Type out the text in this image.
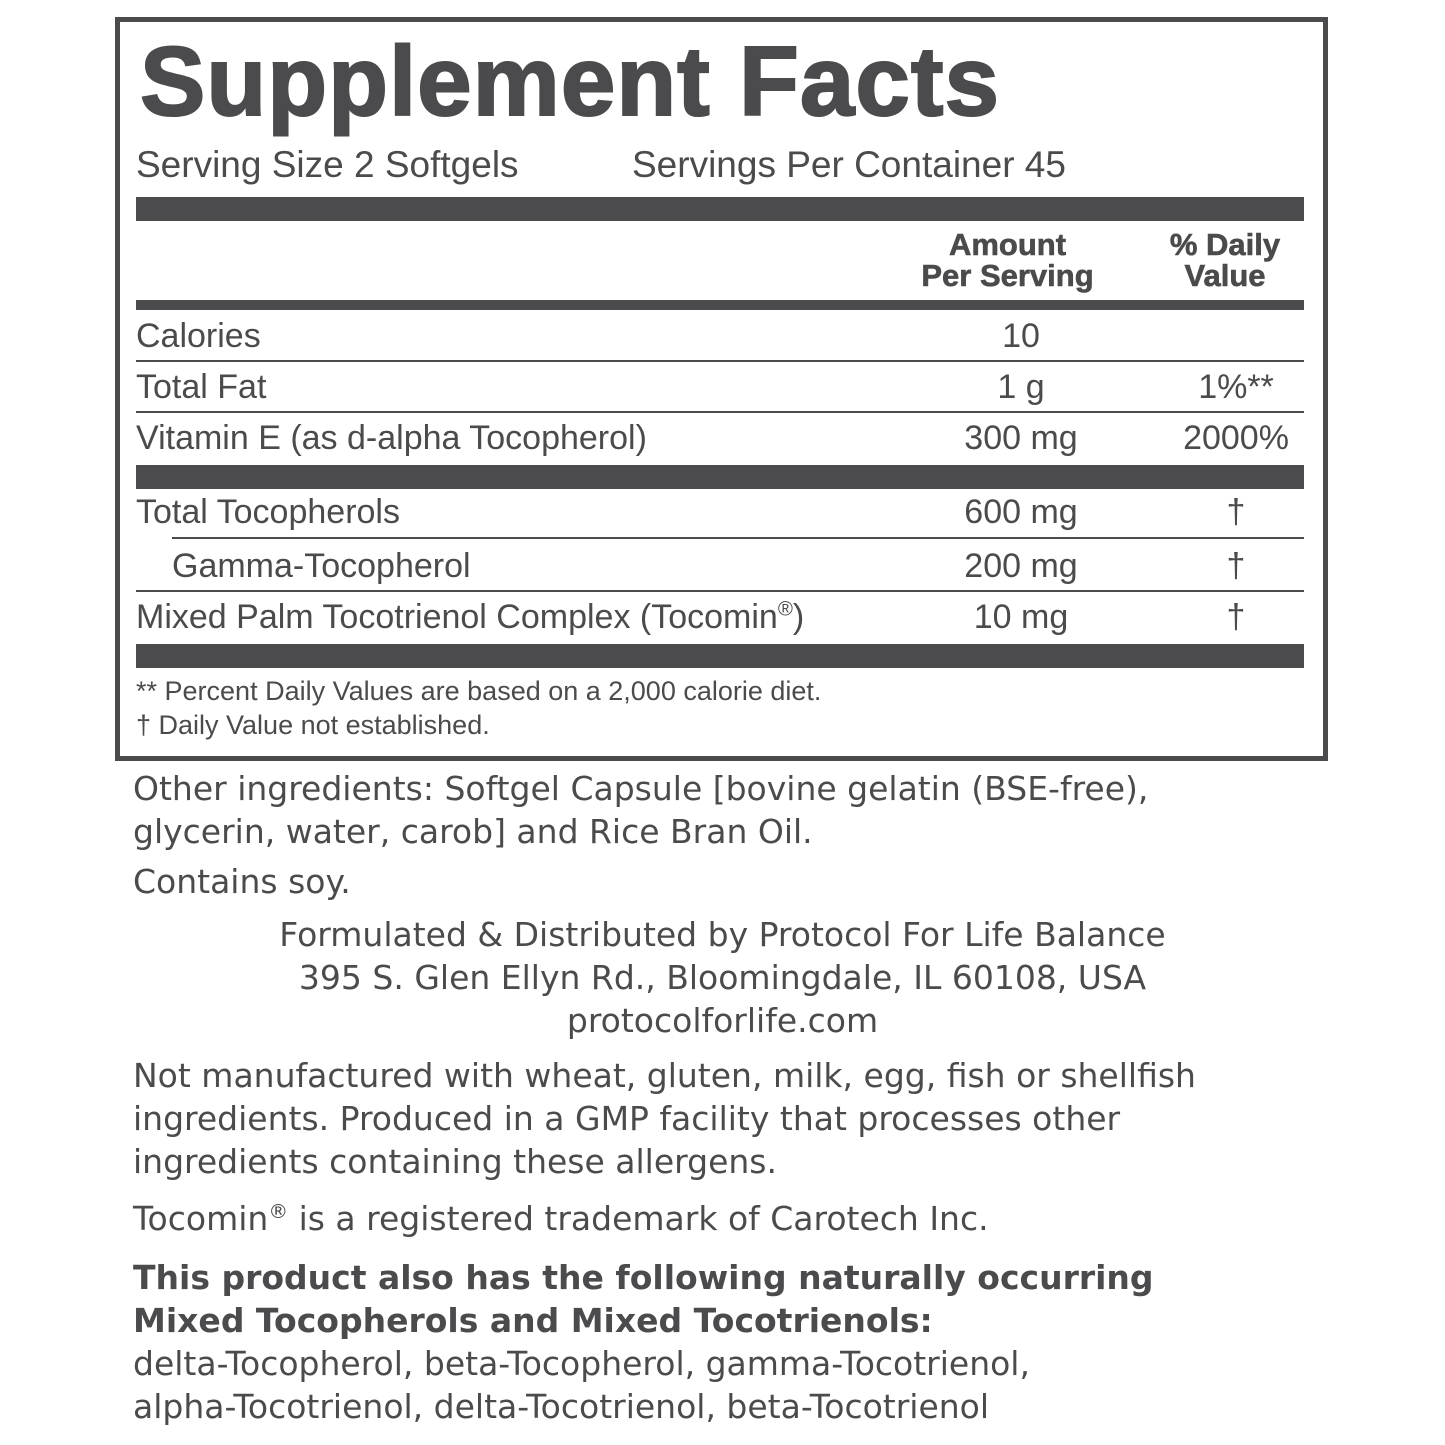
Supplement Facts
Serving Size 2 Softgels	Servings Per Container 45
Amount
Per Serving
% Daily
Value
Calories	10
Total Fat	1 g	1%**
Vitamin E (as d-alpha Tocopherol)	300 mg	2000%
Total Tocopherols	600 mg	†
Gamma-Tocopherol	200 mg	†
Mixed Palm Tocotrienol Complex (Tocomin®)	10 mg	†
** Percent Daily Values are based on a 2,000 calorie diet.
† Daily Value not established.
Other ingredients: Softgel Capsule [bovine gelatin (BSE-free),
glycerin, water, carob] and Rice Bran Oil.
Contains soy.
Formulated & Distributed by Protocol For Life Balance
395 S. Glen Ellyn Rd., Bloomingdale, IL 60108, USA
protocolforlife.com
Not manufactured with wheat, gluten, milk, egg, fish or shellfish
ingredients. Produced in a GMP facility that processes other
ingredients containing these allergens.
Tocomin® is a registered trademark of Carotech Inc.
This product also has the following naturally occurring
Mixed Tocopherols and Mixed Tocotrienols:
delta-Tocopherol, beta-Tocopherol, gamma-Tocotrienol,
alpha-Tocotrienol, delta-Tocotrienol, beta-Tocotrienol
